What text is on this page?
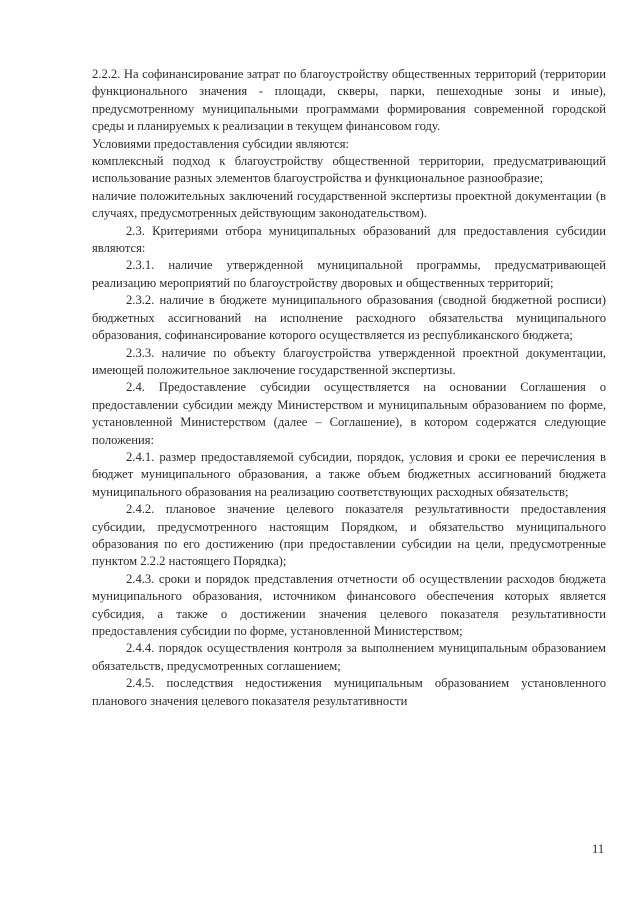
2.2.2. На софинансирование затрат по благоустройству общественных территорий (территории функционального значения - площади, скверы, парки, пешеходные зоны и иные), предусмотренному муниципальными программами формирования современной городской среды и планируемых к реализации в текущем финансовом году.

Условиями предоставления субсидии являются:

комплексный подход к благоустройству общественной территории, предусматривающий использование разных элементов благоустройства и функциональное разнообразие;

наличие положительных заключений государственной экспертизы проектной документации (в случаях, предусмотренных действующим законодательством).

2.3. Критериями отбора муниципальных образований для предоставления субсидии являются:

2.3.1. наличие утвержденной муниципальной программы, предусматривающей реализацию мероприятий по благоустройству дворовых и общественных территорий;

2.3.2. наличие в бюджете муниципального образования (сводной бюджетной росписи) бюджетных ассигнований на исполнение расходного обязательства муниципального образования, софинансирование которого осуществляется из республиканского бюджета;

2.3.3. наличие по объекту благоустройства утвержденной проектной документации, имеющей положительное заключение государственной экспертизы.

2.4. Предоставление субсидии осуществляется на основании Соглашения о предоставлении субсидии между Министерством и муниципальным образованием по форме, установленной Министерством (далее – Соглашение), в котором содержатся следующие положения:

2.4.1. размер предоставляемой субсидии, порядок, условия и сроки ее перечисления в бюджет муниципального образования, а также объем бюджетных ассигнований бюджета муниципального образования на реализацию соответствующих расходных обязательств;

2.4.2. плановое значение целевого показателя результативности предоставления субсидии, предусмотренного настоящим Порядком, и обязательство муниципального образования по его достижению (при предоставлении субсидии на цели, предусмотренные пунктом 2.2.2 настоящего Порядка);

2.4.3. сроки и порядок представления отчетности об осуществлении расходов бюджета муниципального образования, источником финансового обеспечения которых является субсидия, а также о достижении значения целевого показателя результативности предоставления субсидии по форме, установленной Министерством;

2.4.4. порядок осуществления контроля за выполнением муниципальным образованием обязательств, предусмотренных соглашением;

2.4.5. последствия недостижения муниципальным образованием установленного планового значения целевого показателя результативности

11
